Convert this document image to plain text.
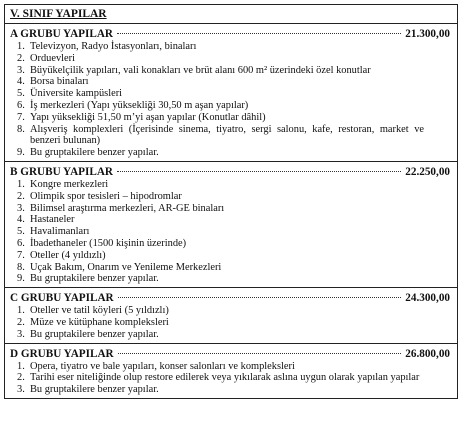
V. SINIF YAPILAR
A GRUBU YAPILAR	21.300,00
1. Televizyon, Radyo İstasyonları, binaları
2. Orduevleri
3. Büyükelçilik yapıları, vali konakları ve brüt alanı 600 m² üzerindeki özel konutlar
4. Borsa binaları
5. Üniversite kampüsleri
6. İş merkezleri (Yapı yüksekliği 30,50 m aşan yapılar)
7. Yapı yüksekliği 51,50 m’yi aşan yapılar (Konutlar dâhil)
8. Alışveriş komplexleri (İçerisinde sinema, tiyatro, sergi salonu, kafe, restoran, market ve benzeri bulunan)
9. Bu gruptakilere benzer yapılar.
B GRUBU YAPILAR	22.250,00
1. Kongre merkezleri
2. Olimpik spor tesisleri – hipodromlar
3. Bilimsel araştırma merkezleri, AR-GE binaları
4. Hastaneler
5. Havalimanları
6. İbadethaneler (1500 kişinin üzerinde)
7. Oteller (4 yıldızlı)
8. Uçak Bakım, Onarım ve Yenileme Merkezleri
9. Bu gruptakilere benzer yapılar.
C GRUBU YAPILAR	24.300,00
1. Oteller ve tatil köyleri (5 yıldızlı)
2. Müze ve kütüphane kompleksleri
3. Bu gruptakilere benzer yapılar.
D GRUBU YAPILAR	26.800,00
1. Opera, tiyatro ve bale yapıları, konser salonları ve kompleksleri
2. Tarihi eser niteliğinde olup restore edilerek veya yıkılarak aslına uygun olarak yapılan yapılar
3. Bu gruptakilere benzer yapılar.
